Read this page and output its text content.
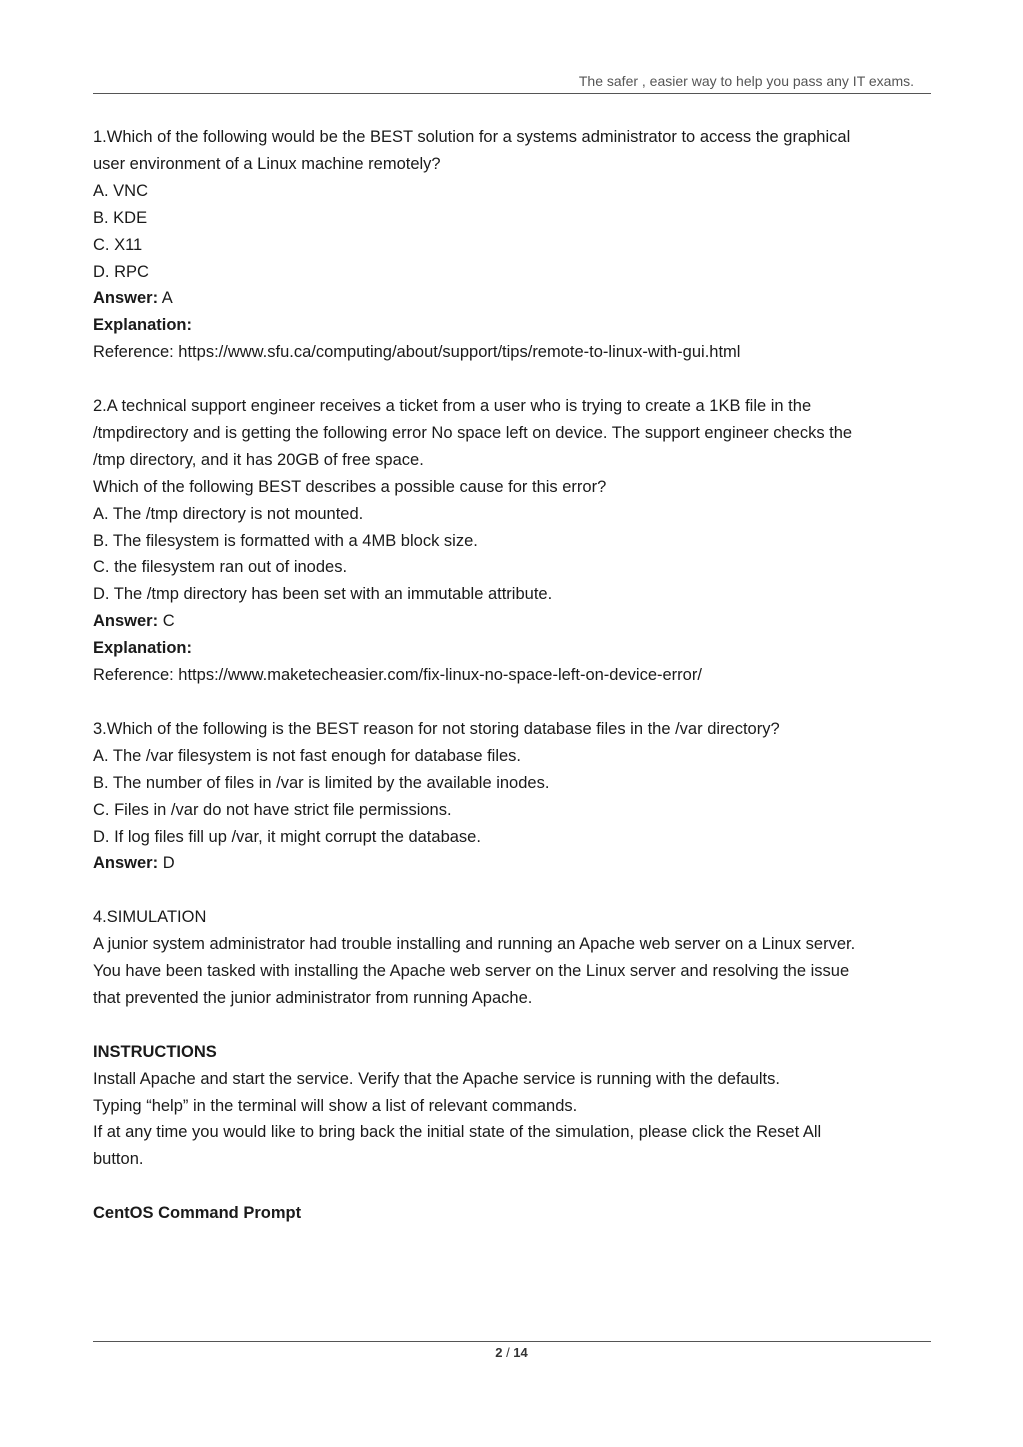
The safer , easier way to help you pass any IT exams.
1.Which of the following would be the BEST solution for a systems administrator to access the graphical
user environment of a Linux machine remotely?
A. VNC
B. KDE
C. X11
D. RPC
Answer: A
Explanation:
Reference: https://www.sfu.ca/computing/about/support/tips/remote-to-linux-with-gui.html
2.A technical support engineer receives a ticket from a user who is trying to create a 1KB file in the
/tmpdirectory and is getting the following error No space left on device. The support engineer checks the
/tmp directory, and it has 20GB of free space.
Which of the following BEST describes a possible cause for this error?
A. The /tmp directory is not mounted.
B. The filesystem is formatted with a 4MB block size.
C. the filesystem ran out of inodes.
D. The /tmp directory has been set with an immutable attribute.
Answer: C
Explanation:
Reference: https://www.maketecheasier.com/fix-linux-no-space-left-on-device-error/
3.Which of the following is the BEST reason for not storing database files in the /var directory?
A. The /var filesystem is not fast enough for database files.
B. The number of files in /var is limited by the available inodes.
C. Files in /var do not have strict file permissions.
D. If log files fill up /var, it might corrupt the database.
Answer: D
4.SIMULATION
A junior system administrator had trouble installing and running an Apache web server on a Linux server.
You have been tasked with installing the Apache web server on the Linux server and resolving the issue
that prevented the junior administrator from running Apache.
INSTRUCTIONS
Install Apache and start the service. Verify that the Apache service is running with the defaults.
Typing “help” in the terminal will show a list of relevant commands.
If at any time you would like to bring back the initial state of the simulation, please click the Reset All
button.
CentOS Command Prompt
2 / 14
